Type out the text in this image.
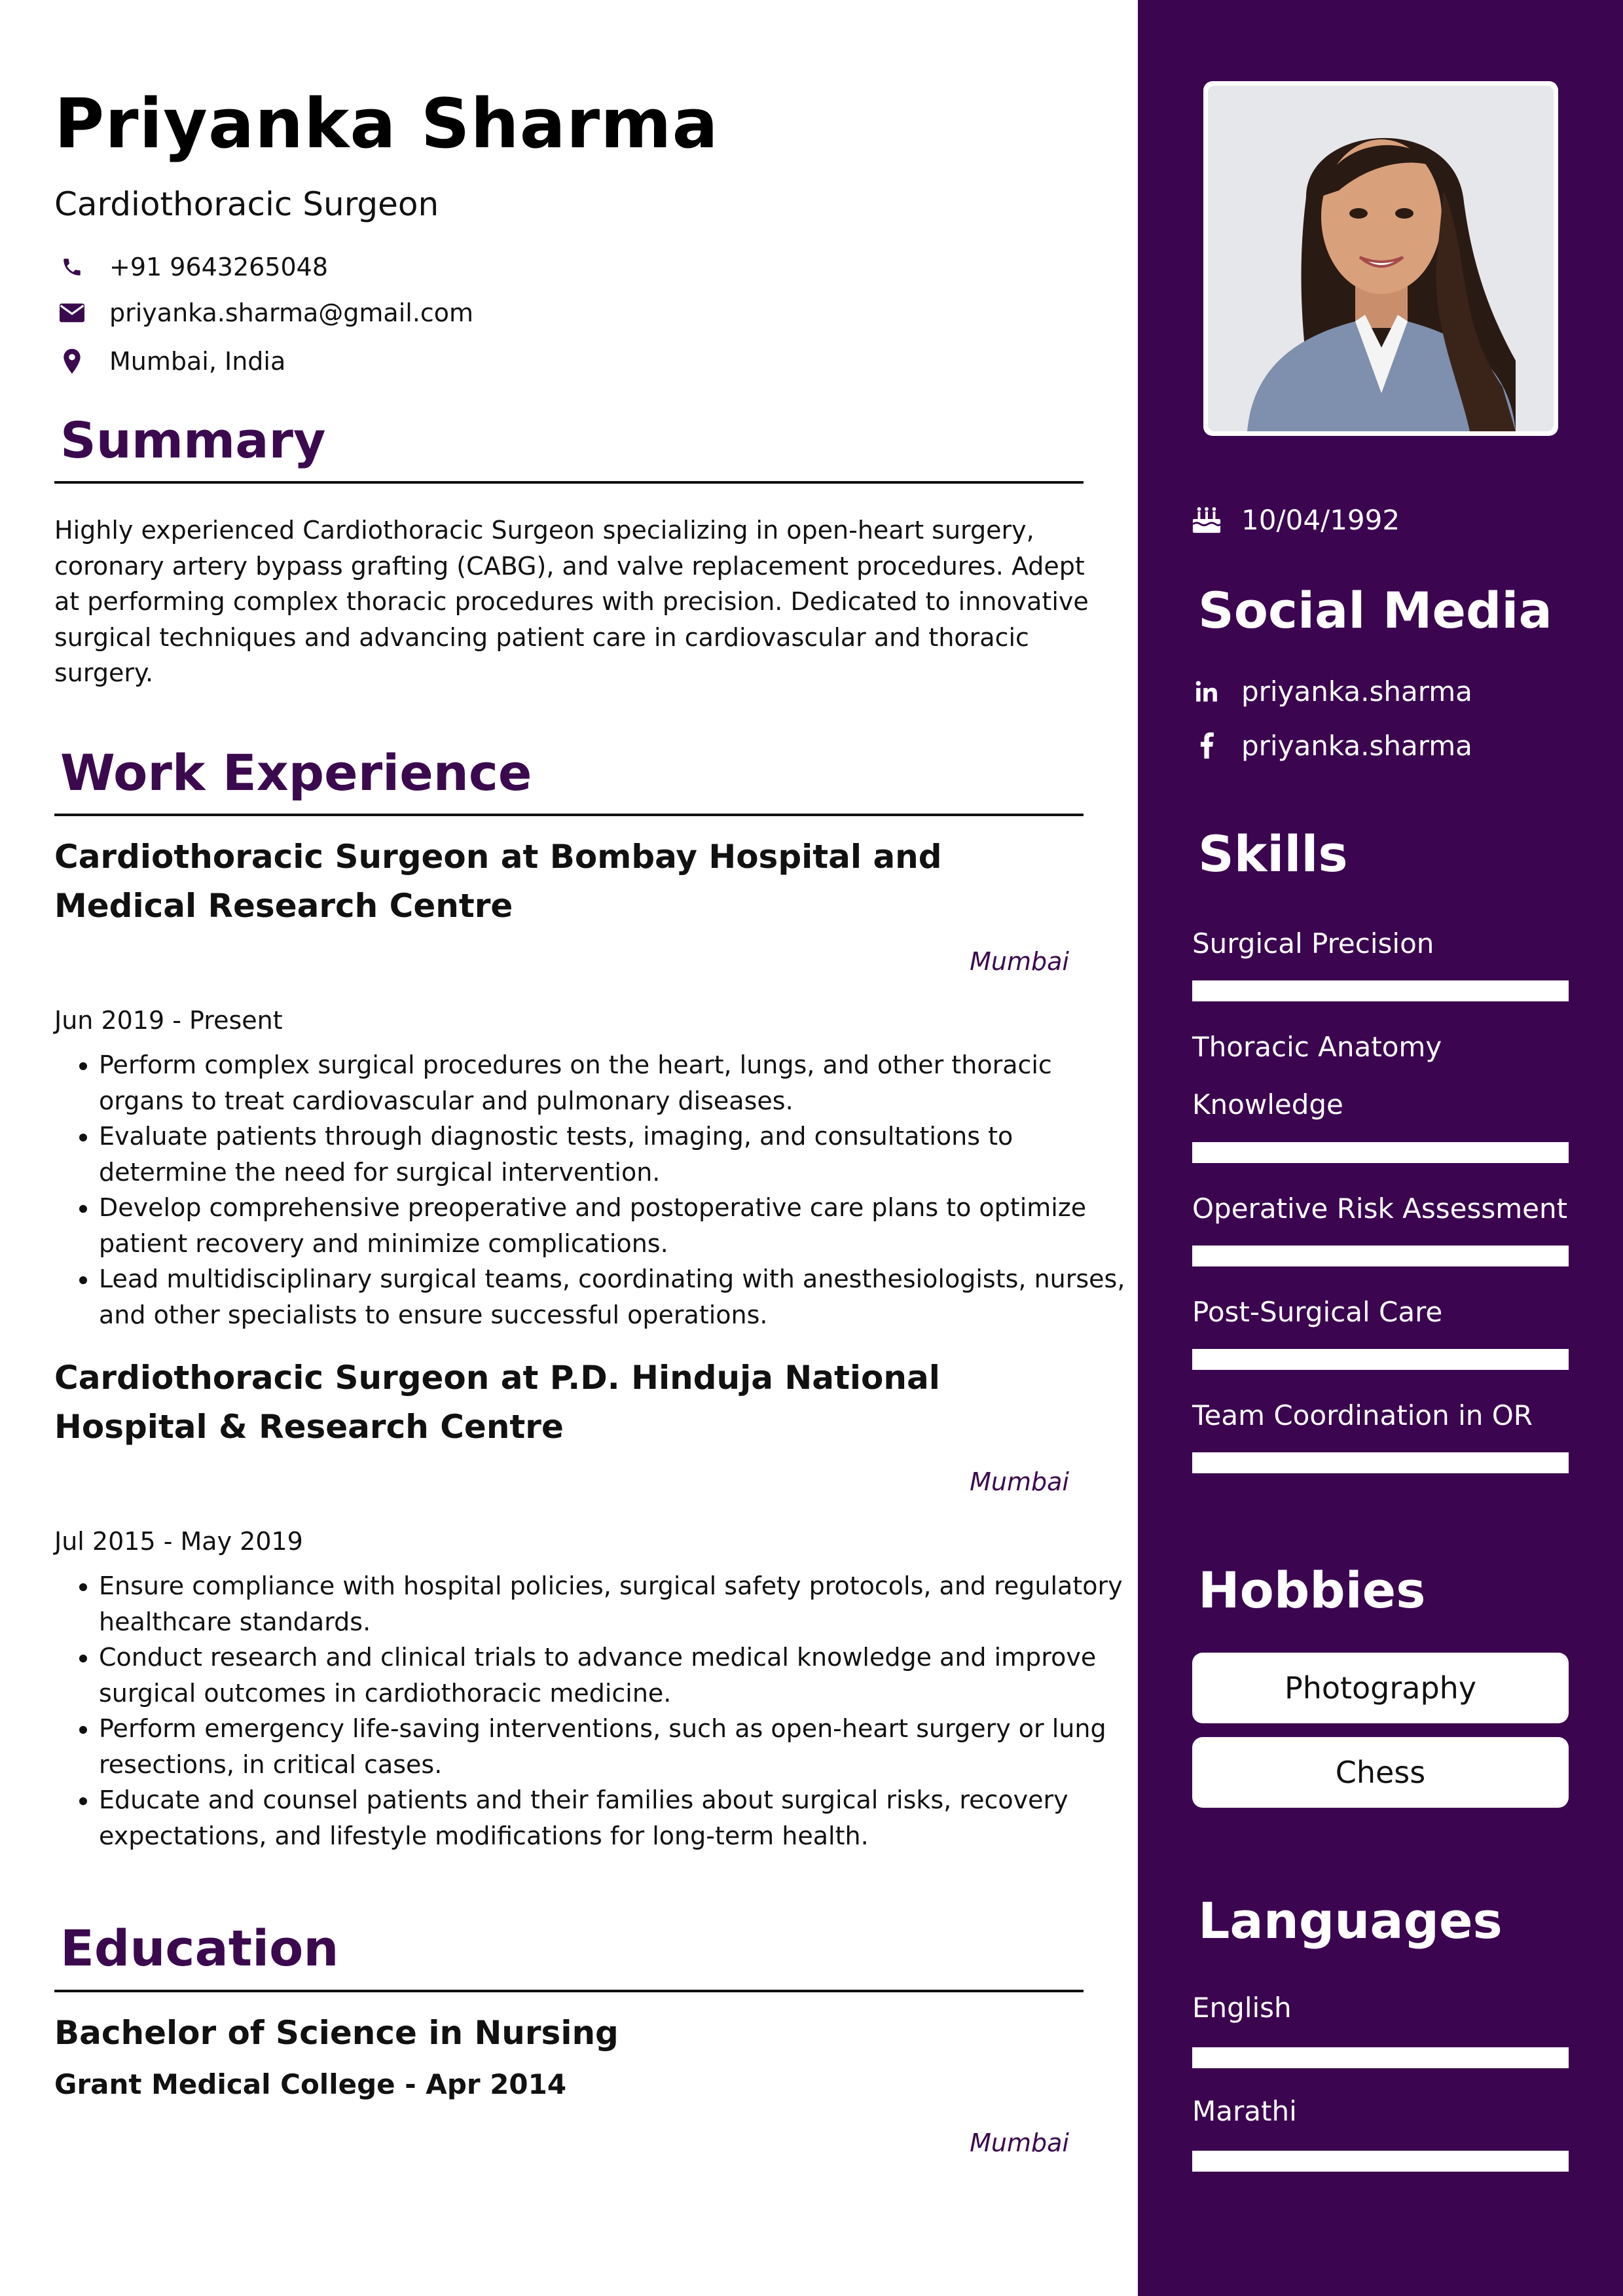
Priyanka Sharma
Cardiothoracic Surgeon
+91 9643265048
priyanka.sharma@gmail.com
Mumbai, India
Summary
Highly experienced Cardiothoracic Surgeon specializing in open-heart surgery, coronary artery bypass grafting (CABG), and valve replacement procedures. Adept at performing complex thoracic procedures with precision. Dedicated to innovative surgical techniques and advancing patient care in cardiovascular and thoracic surgery.
Work Experience
Cardiothoracic Surgeon at Bombay Hospital and Medical Research Centre
Mumbai
Jun 2019 - Present
• Perform complex surgical procedures on the heart, lungs, and other thoracic organs to treat cardiovascular and pulmonary diseases.
• Evaluate patients through diagnostic tests, imaging, and consultations to determine the need for surgical intervention.
• Develop comprehensive preoperative and postoperative care plans to optimize patient recovery and minimize complications.
• Lead multidisciplinary surgical teams, coordinating with anesthesiologists, nurses, and other specialists to ensure successful operations.
Cardiothoracic Surgeon at P.D. Hinduja National Hospital & Research Centre
Mumbai
Jul 2015 - May 2019
• Ensure compliance with hospital policies, surgical safety protocols, and regulatory healthcare standards.
• Conduct research and clinical trials to advance medical knowledge and improve surgical outcomes in cardiothoracic medicine.
• Perform emergency life-saving interventions, such as open-heart surgery or lung resections, in critical cases.
• Educate and counsel patients and their families about surgical risks, recovery expectations, and lifestyle modifications for long-term health.
Education
Bachelor of Science in Nursing
Grant Medical College - Apr 2014
Mumbai
10/04/1992
Social Media
priyanka.sharma
priyanka.sharma
Skills
Surgical Precision
Thoracic Anatomy Knowledge
Operative Risk Assessment
Post-Surgical Care
Team Coordination in OR
Hobbies
Photography
Chess
Languages
English
Marathi
